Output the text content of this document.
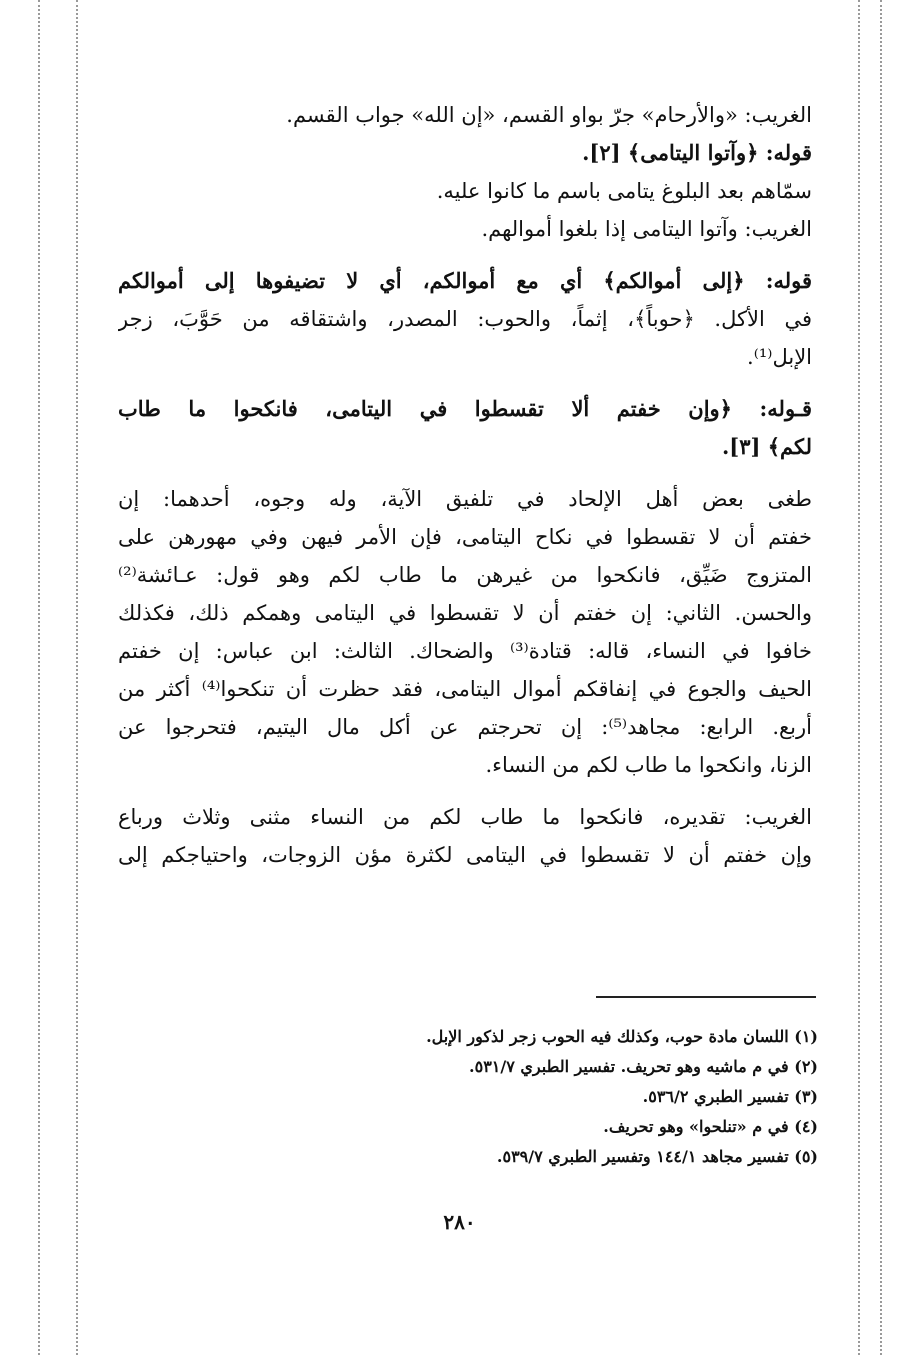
الغريب: «والأرحام» جرّ بواو القسم، «إن الله» جواب القسم.
قوله: ﴿وآتوا اليتامى﴾ [٢].
سمّاهم بعد البلوغ يتامى باسم ما كانوا عليه.
الغريب: وآتوا اليتامى إذا بلغوا أموالهم.
قوله: ﴿إلى أموالكم﴾ أي مع أموالكم، أي لا تضيفوها إلى أموالكم
في الأكل. ﴿حوباً﴾، إثماً، والحوب: المصدر، واشتقاقه من حَوَّبَ، زجر
الإبل⁽¹⁾.
قـوله: ﴿وإن خفتم ألا تقسطوا في اليتامى، فانكحوا ما طاب
لكم﴾ [٣].
طغى بعض أهل الإلحاد في تلفيق الآية، وله وجوه، أحدهما: إن
خفتم أن لا تقسطوا في نكاح اليتامى، فإن الأمر فيهن وفي مهورهن على
المتزوج ضَيِّق، فانكحوا من غيرهن ما طاب لكم وهو قول: عـائشة⁽²⁾
والحسن. الثاني: إن خفتم أن لا تقسطوا في اليتامى وهمكم ذلك، فكذلك
خافوا في النساء، قاله: قتادة⁽³⁾ والضحاك. الثالث: ابن عباس: إن خفتم
الحيف والجوع في إنفاقكم أموال اليتامى، فقد حظرت أن تنكحوا⁽⁴⁾ أكثر من
أربع. الرابع: مجاهد⁽⁵⁾: إن تحرجتم عن أكل مال اليتيم، فتحرجوا عن
الزنا، وانكحوا ما طاب لكم من النساء.
الغريب: تقديره، فانكحوا ما طاب لكم من النساء مثنى وثلاث ورباع
وإن خفتم أن لا تقسطوا في اليتامى لكثرة مؤن الزوجات، واحتياجكم إلى
(١) اللسان مادة حوب، وكذلك فيه الحوب زجر لذكور الإبل.
(٢) في م ماشيه وهو تحريف. تفسير الطبري ٥٣١/٧.
(٣) تفسير الطبري ٥٣٦/٢.
(٤) في م «تنلحوا» وهو تحريف.
(٥) تفسير مجاهد ١٤٤/١ وتفسير الطبري ٥٣٩/٧.
٢٨٠
